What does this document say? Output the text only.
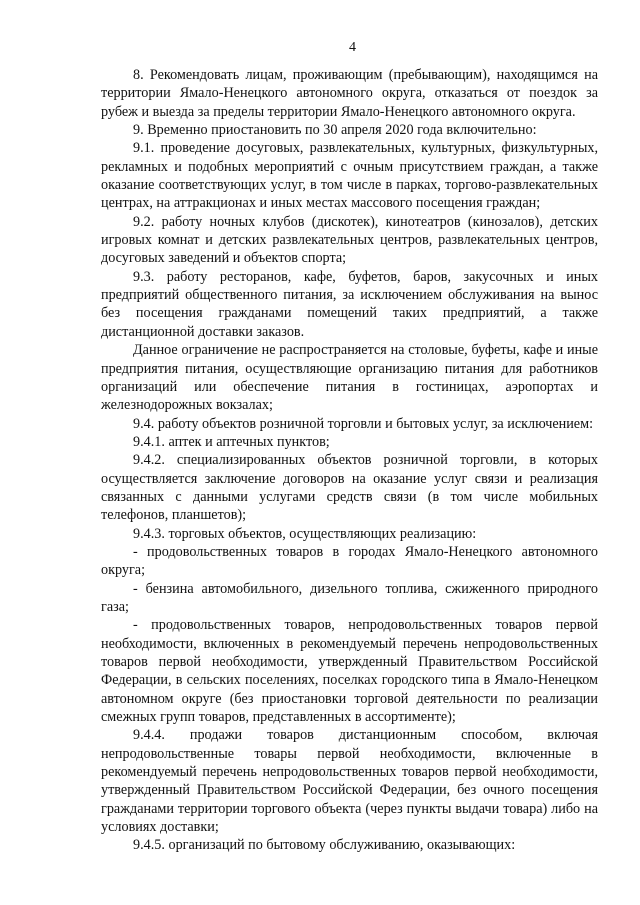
4

8. Рекомендовать лицам, проживающим (пребывающим), находящимся на территории Ямало-Ненецкого автономного округа, отказаться от поездок за рубеж и выезда за пределы территории Ямало-Ненецкого автономного округа.

9. Временно приостановить по 30 апреля 2020 года включительно:

9.1. проведение досуговых, развлекательных, культурных, физкультурных, рекламных и подобных мероприятий с очным присутствием граждан, а также оказание соответствующих услуг, в том числе в парках, торгово-развлекательных центрах, на аттракционах и иных местах массового посещения граждан;

9.2. работу ночных клубов (дискотек), кинотеатров (кинозалов), детских игровых комнат и детских развлекательных центров, развлекательных центров, досуговых заведений и объектов спорта;

9.3. работу ресторанов, кафе, буфетов, баров, закусочных и иных предприятий общественного питания, за исключением обслуживания на вынос без посещения гражданами помещений таких предприятий, а также дистанционной доставки заказов.

Данное ограничение не распространяется на столовые, буфеты, кафе и иные предприятия питания, осуществляющие организацию питания для работников организаций или обеспечение питания в гостиницах, аэропортах и железнодорожных вокзалах;

9.4. работу объектов розничной торговли и бытовых услуг, за исключением:

9.4.1. аптек и аптечных пунктов;

9.4.2. специализированных объектов розничной торговли, в которых осуществляется заключение договоров на оказание услуг связи и реализация связанных с данными услугами средств связи (в том числе мобильных телефонов, планшетов);

9.4.3. торговых объектов, осуществляющих реализацию:

- продовольственных товаров в городах Ямало-Ненецкого автономного округа;

- бензина автомобильного, дизельного топлива, сжиженного природного газа;

- продовольственных товаров, непродовольственных товаров первой необходимости, включенных в рекомендуемый перечень непродовольственных товаров первой необходимости, утвержденный Правительством Российской Федерации, в сельских поселениях, поселках городского типа в Ямало-Ненецком автономном округе (без приостановки торговой деятельности по реализации смежных групп товаров, представленных в ассортименте);

9.4.4. продажи товаров дистанционным способом, включая непродовольственные товары первой необходимости, включенные в рекомендуемый перечень непродовольственных товаров первой необходимости, утвержденный Правительством Российской Федерации, без очного посещения гражданами территории торгового объекта (через пункты выдачи товара) либо на условиях доставки;

9.4.5. организаций по бытовому обслуживанию, оказывающих:
